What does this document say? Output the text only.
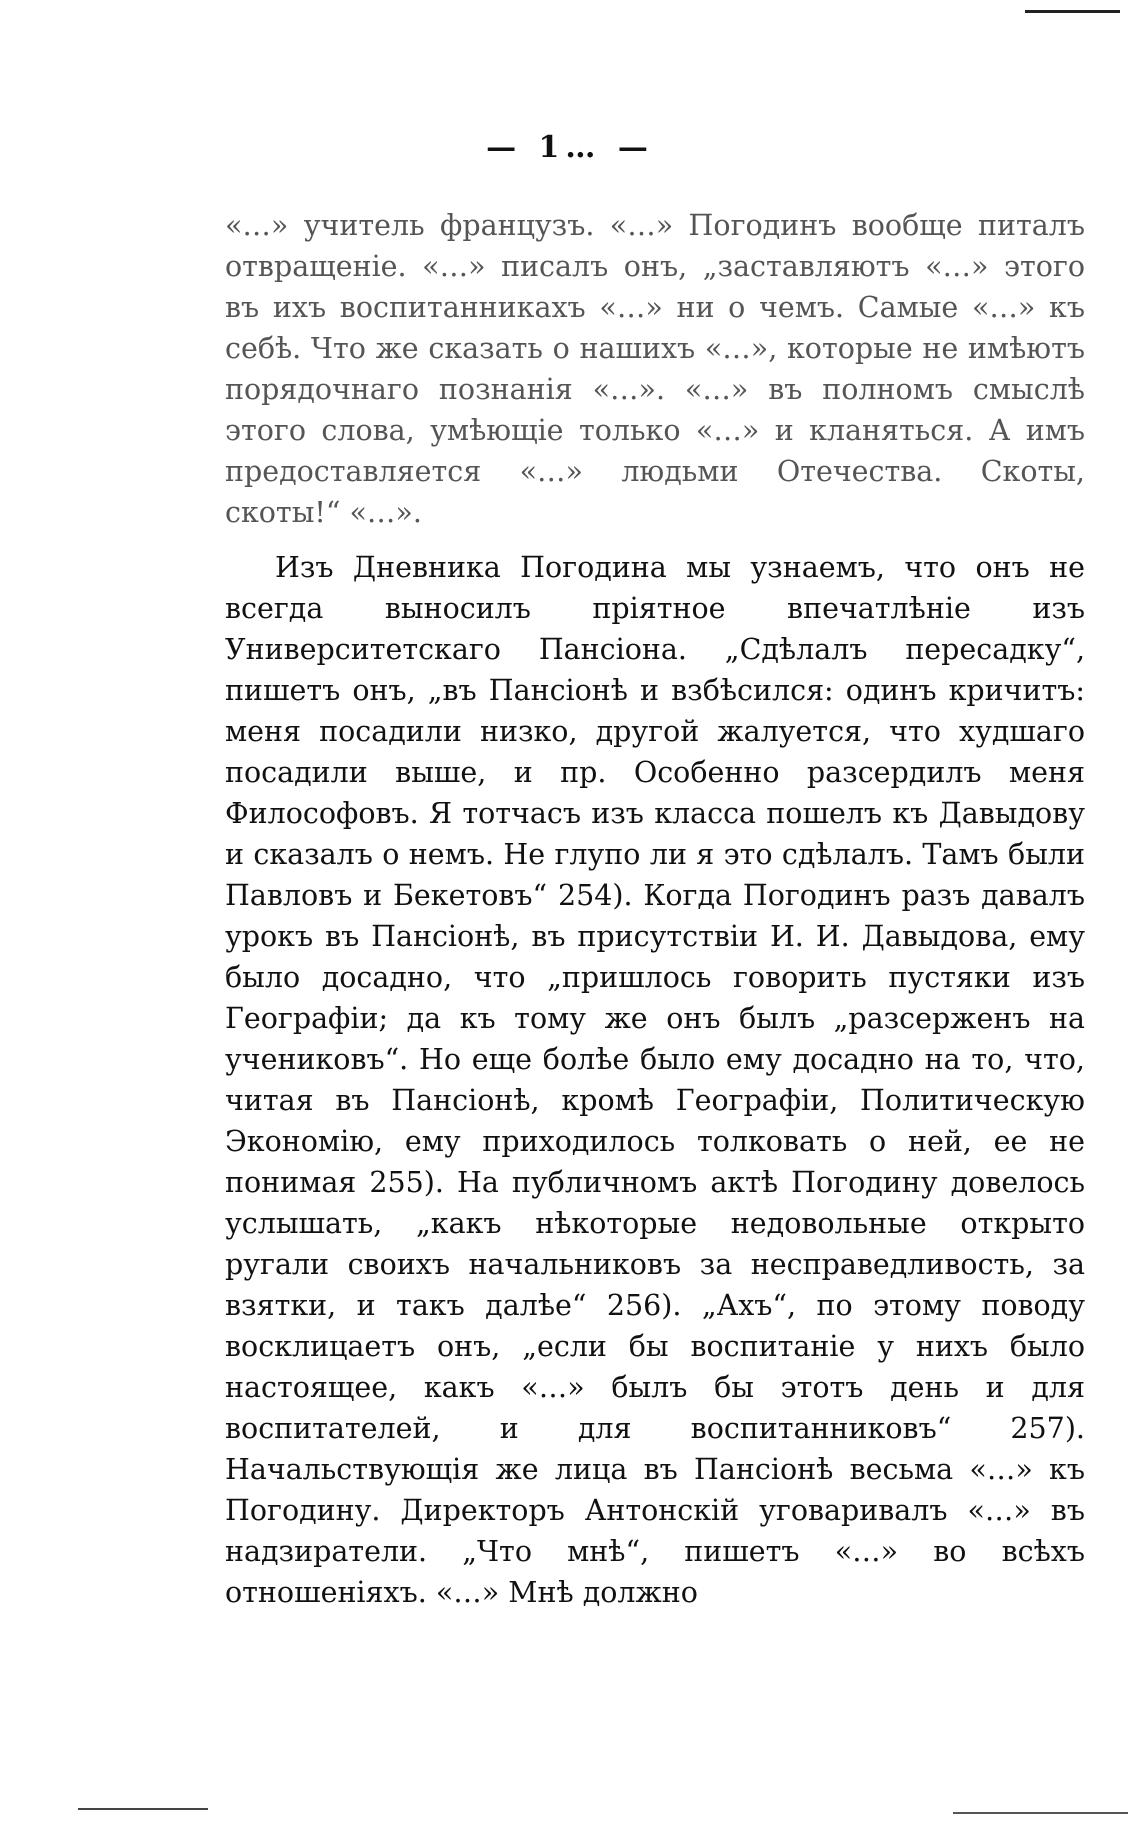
— 1… —

«…» учитель французъ. «…» Погодинъ вообще питалъ отвращеніе. «…» писалъ онъ, „заставляютъ «…» этого въ ихъ воспитанникахъ «…» ни о чемъ. Самые «…» къ себѣ. Что же сказать о нашихъ «…», которые не имѣютъ порядочнаго познанія «…». «…» въ полномъ смыслѣ этого слова, умѣющіе только «…» и кланяться. А имъ предоставляется «…» людьми Отечества. Скоты, скоты!“ «…».

Изъ Дневника Погодина мы узнаемъ, что онъ не всегда выносилъ пріятное впечатлѣніе изъ Университетскаго Пансіона. „Сдѣлалъ пересадку“, пишетъ онъ, „въ Пансіонѣ и взбѣсился: одинъ кричитъ: меня посадили низко, другой жалуется, что худшаго посадили выше, и пр. Особенно разсердилъ меня Философовъ. Я тотчасъ изъ класса пошелъ къ Давыдову и сказалъ о немъ. Не глупо ли я это сдѣлалъ. Тамъ были Павловъ и Бекетовъ“ 254). Когда Погодинъ разъ давалъ урокъ въ Пансіонѣ, въ присутствіи И. И. Давыдова, ему было досадно, что „пришлось говорить пустяки изъ Географіи; да къ тому же онъ былъ „разсерженъ на учениковъ“. Но еще болѣе было ему досадно на то, что, читая въ Пансіонѣ, кромѣ Географіи, Политическую Экономію, ему приходилось толковать о ней, ее не понимая 255). На публичномъ актѣ Погодину довелось услышать, „какъ нѣкоторые недовольные открыто ругали своихъ начальниковъ за несправедливость, за взятки, и такъ далѣе“ 256). „Ахъ“, по этому поводу восклицаетъ онъ, „если бы воспитаніе у нихъ было настоящее, какъ «…» былъ бы этотъ день и для воспитателей, и для воспитанниковъ“ 257). Начальствующія же лица въ Пансіонѣ весьма «…» къ Погодину. Директоръ Антонскій уговаривалъ «…» въ надзиратели. „Что мнѣ“, пишетъ «…» во всѣхъ отношеніяхъ. «…» Мнѣ должно
